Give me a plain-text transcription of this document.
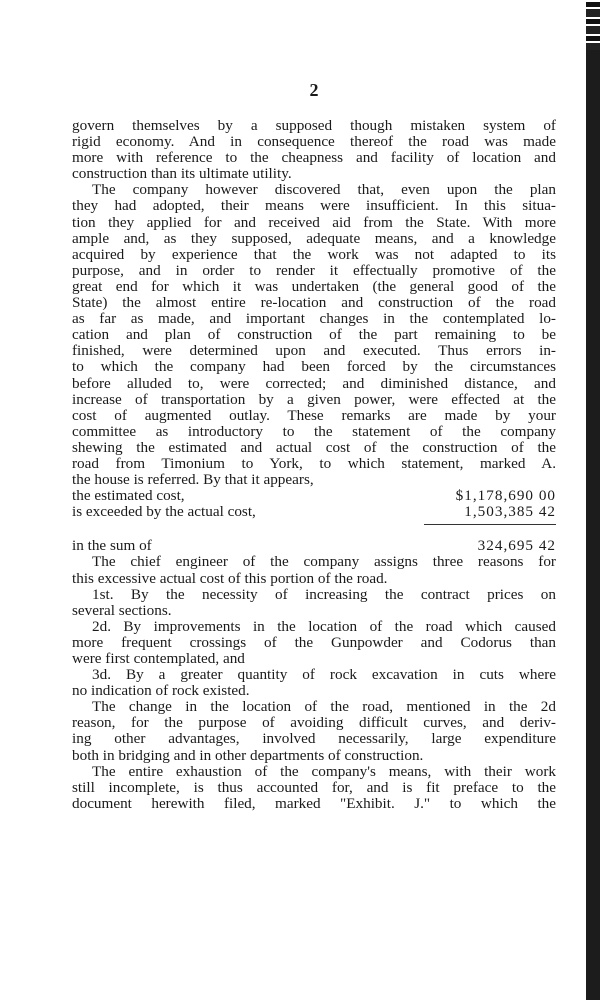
2
govern themselves by a supposed though mistaken system of
rigid economy. And in consequence thereof the road was made
more with reference to the cheapness and facility of location and
construction than its ultimate utility.
The company however discovered that, even upon the plan
they had adopted, their means were insufficient. In this situa-
tion they applied for and received aid from the State. With more
ample and, as they supposed, adequate means, and a knowledge
acquired by experience that the work was not adapted to its
purpose, and in order to render it effectually promotive of the
great end for which it was undertaken (the general good of the
State) the almost entire re-location and construction of the road
as far as made, and important changes in the contemplated lo-
cation and plan of construction of the part remaining to be
finished, were determined upon and executed. Thus errors in-
to which the company had been forced by the circumstances
before alluded to, were corrected; and diminished distance, and
increase of transportation by a given power, were effected at the
cost of augmented outlay. These remarks are made by your
committee as introductory to the statement of the company
shewing the estimated and actual cost of the construction of the
road from Timonium to York, to which statement, marked A.
the house is referred. By that it appears,
the estimated cost,	$1,178,690 00
is exceeded by the actual cost,	1,503,385 42
in the sum of	324,695 42
The chief engineer of the company assigns three reasons for
this excessive actual cost of this portion of the road.
1st. By the necessity of increasing the contract prices on
several sections.
2d. By improvements in the location of the road which caused
more frequent crossings of the Gunpowder and Codorus than
were first contemplated, and
3d. By a greater quantity of rock excavation in cuts where
no indication of rock existed.
The change in the location of the road, mentioned in the 2d
reason, for the purpose of avoiding difficult curves, and deriv-
ing other advantages, involved necessarily, large expenditure
both in bridging and in other departments of construction.
The entire exhaustion of the company's means, with their work
still incomplete, is thus accounted for, and is fit preface to the
document herewith filed, marked "Exhibit. J." to which the
